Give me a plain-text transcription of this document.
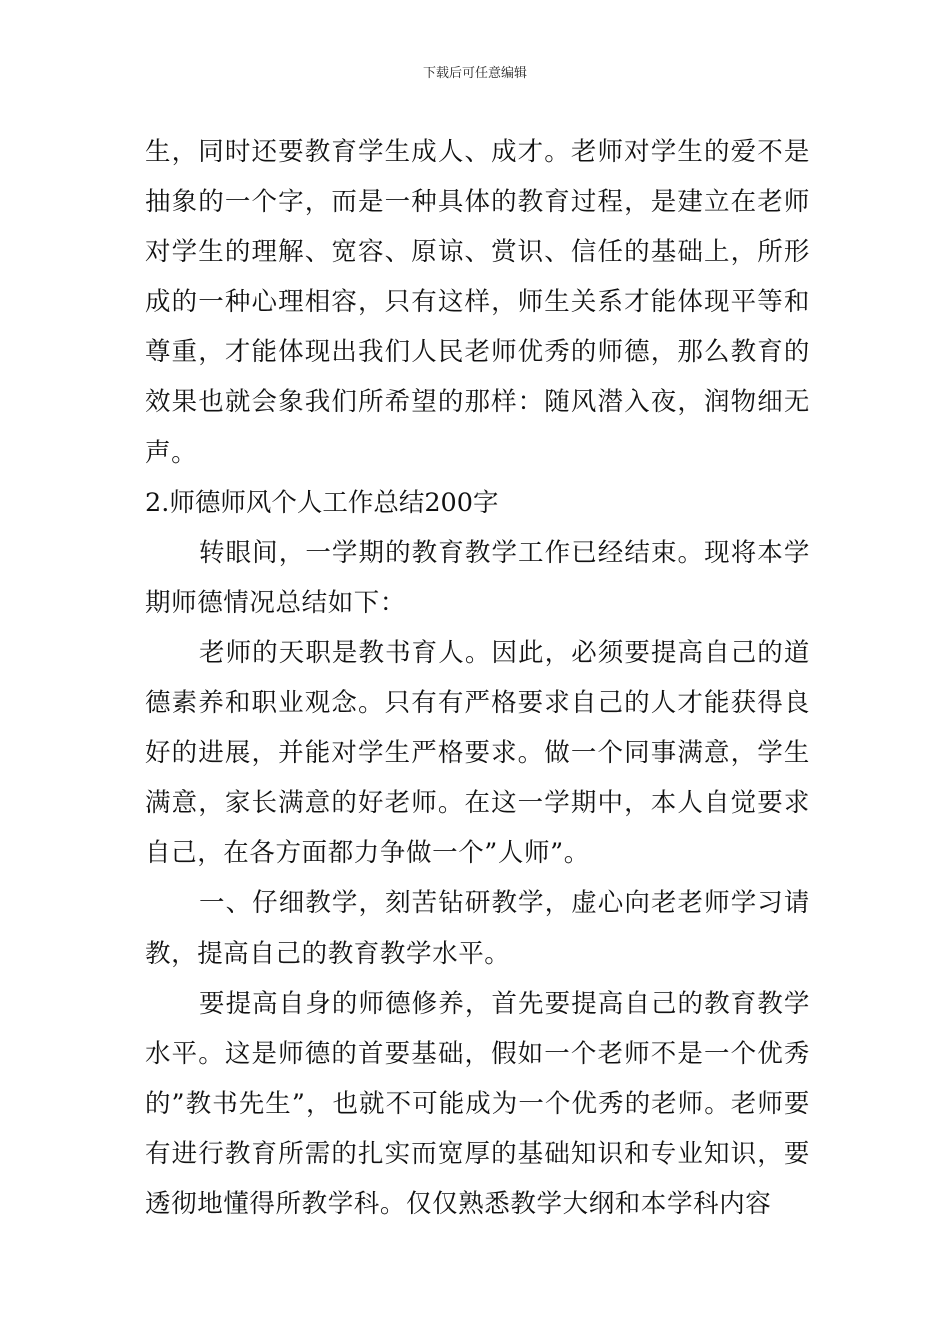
下载后可任意编辑

生，同时还要教育学生成人、成才。老师对学生的爱不是抽象的一个字，而是一种具体的教育过程，是建立在老师对学生的理解、宽容、原谅、赏识、信任的基础上，所形成的一种心理相容，只有这样，师生关系才能体现平等和尊重，才能体现出我们人民老师优秀的师德，那么教育的效果也就会象我们所希望的那样：随风潜入夜，润物细无声。

2.师德师风个人工作总结200字

转眼间，一学期的教育教学工作已经结束。现将本学期师德情况总结如下：

老师的天职是教书育人。因此，必须要提高自己的道德素养和职业观念。只有有严格要求自己的人才能获得良好的进展，并能对学生严格要求。做一个同事满意，学生满意，家长满意的好老师。在这一学期中，本人自觉要求自己，在各方面都力争做一个”人师”。

一、仔细教学，刻苦钻研教学，虚心向老老师学习请教，提高自己的教育教学水平。

要提高自身的师德修养，首先要提高自己的教育教学水平。这是师德的首要基础，假如一个老师不是一个优秀的”教书先生”，也就不可能成为一个优秀的老师。老师要有进行教育所需的扎实而宽厚的基础知识和专业知识，要透彻地懂得所教学科。仅仅熟悉教学大纲和本学科内容
